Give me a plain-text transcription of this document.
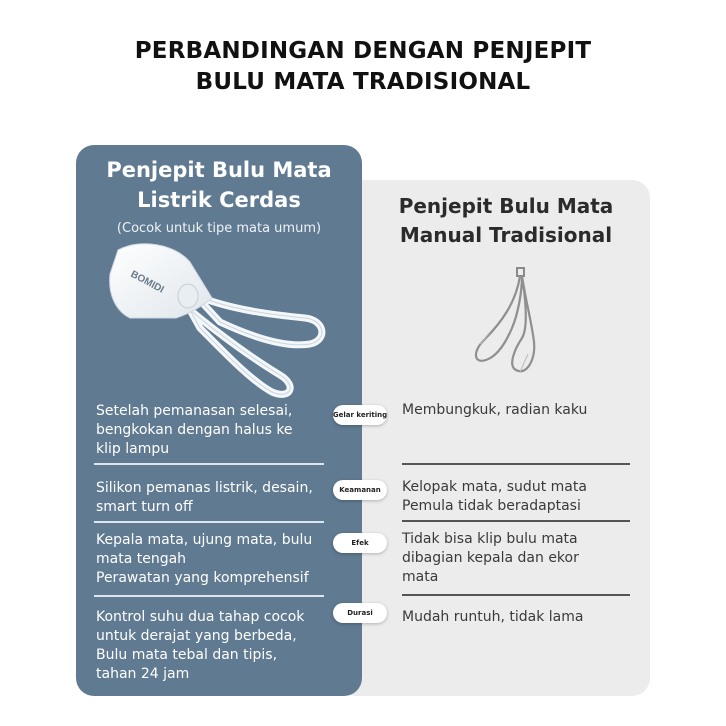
PERBANDINGAN DENGAN PENJEPIT
BULU MATA TRADISIONAL
Penjepit Bulu Mata
Listrik Cerdas
(Cocok untuk tipe mata umum)
Penjepit Bulu Mata
Manual Tradisional
BOMIDI
Setelah pemanasan selesai,
bengkokan dengan halus ke
klip lampu
Silikon pemanas listrik, desain,
smart turn off
Kepala mata, ujung mata, bulu
mata tengah
Perawatan yang komprehensif
Kontrol suhu dua tahap cocok
untuk derajat yang berbeda,
Bulu mata tebal dan tipis,
tahan 24 jam
Membungkuk, radian kaku
Kelopak mata, sudut mata
Pemula tidak beradaptasi
Tidak bisa klip bulu mata
dibagian kepala dan ekor
mata
Mudah runtuh, tidak lama
Gelar keriting
Keamanan
Efek
Durasi
